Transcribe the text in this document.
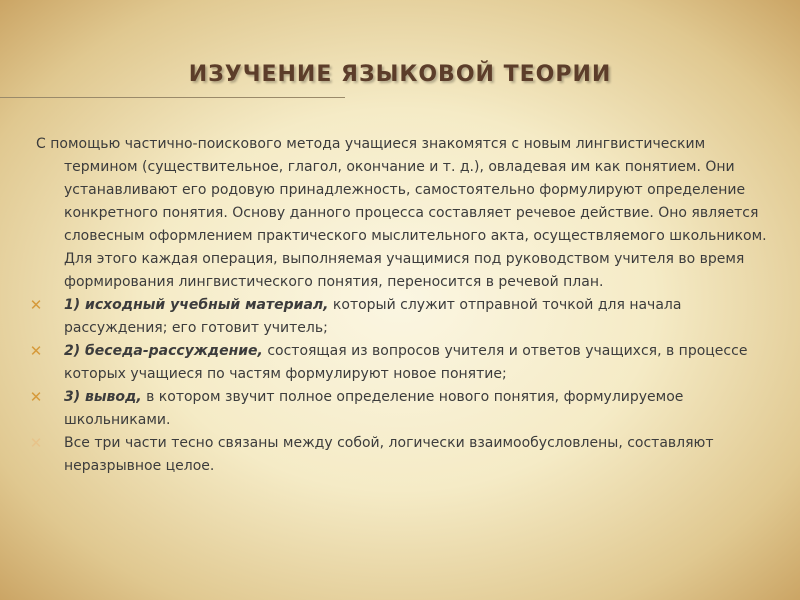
ИЗУЧЕНИЕ ЯЗЫКОВОЙ ТЕОРИИ

С помощью частично-поискового метода учащиеся знакомятся с новым лингвистическим термином (существительное, глагол, окончание и т. д.), овладевая им как понятием. Они устанавливают его родовую принадлежность, самостоятельно формулируют определение конкретного понятия. Основу данного процесса составляет речевое действие. Оно является словесным оформлением практического мыслительного акта, осуществляемого школьником. Для этого каждая операция, выполняемая учащимися под руководством учителя во время формирования лингвистического понятия, переносится в речевой план.

✕ 1) исходный учебный материал, который служит отправной точкой для начала рассуждения; его готовит учитель;

✕ 2) беседа-рассуждение, состоящая из вопросов учителя и ответов учащихся, в процессе которых учащиеся по частям формулируют новое понятие;

✕ 3) вывод, в котором звучит полное определение нового понятия, формулируемое школьниками.

✕ Все три части тесно связаны между собой, логически взаимообусловлены, составляют неразрывное целое.
